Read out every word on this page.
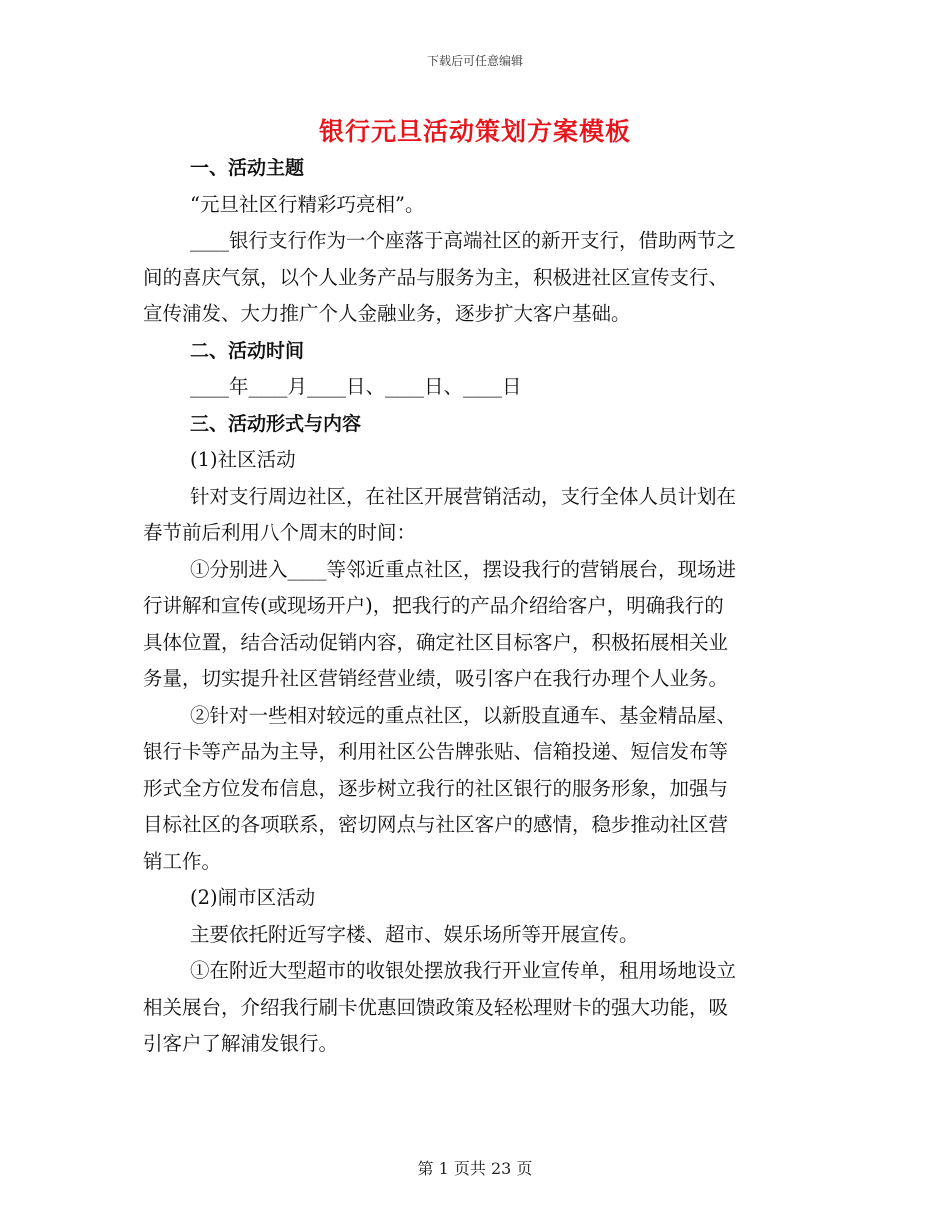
下载后可任意编辑
银行元旦活动策划方案模板
一、活动主题
“元旦社区行精彩巧亮相”。
____银行支行作为一个座落于高端社区的新开支行，借助两节之
间的喜庆气氛，以个人业务产品与服务为主，积极进社区宣传支行、
宣传浦发、大力推广个人金融业务，逐步扩大客户基础。
二、活动时间
____年____月____日、____日、____日
三、活动形式与内容
(1)社区活动
针对支行周边社区，在社区开展营销活动，支行全体人员计划在
春节前后利用八个周末的时间：
①分别进入____等邻近重点社区，摆设我行的营销展台，现场进
行讲解和宣传(或现场开户)，把我行的产品介绍给客户，明确我行的
具体位置，结合活动促销内容，确定社区目标客户，积极拓展相关业
务量，切实提升社区营销经营业绩，吸引客户在我行办理个人业务。
②针对一些相对较远的重点社区，以新股直通车、基金精品屋、
银行卡等产品为主导，利用社区公告牌张贴、信箱投递、短信发布等
形式全方位发布信息，逐步树立我行的社区银行的服务形象，加强与
目标社区的各项联系，密切网点与社区客户的感情，稳步推动社区营
销工作。
(2)闹市区活动
主要依托附近写字楼、超市、娱乐场所等开展宣传。
①在附近大型超市的收银处摆放我行开业宣传单，租用场地设立
相关展台，介绍我行刷卡优惠回馈政策及轻松理财卡的强大功能，吸
引客户了解浦发银行。
第 1 页共 23 页
